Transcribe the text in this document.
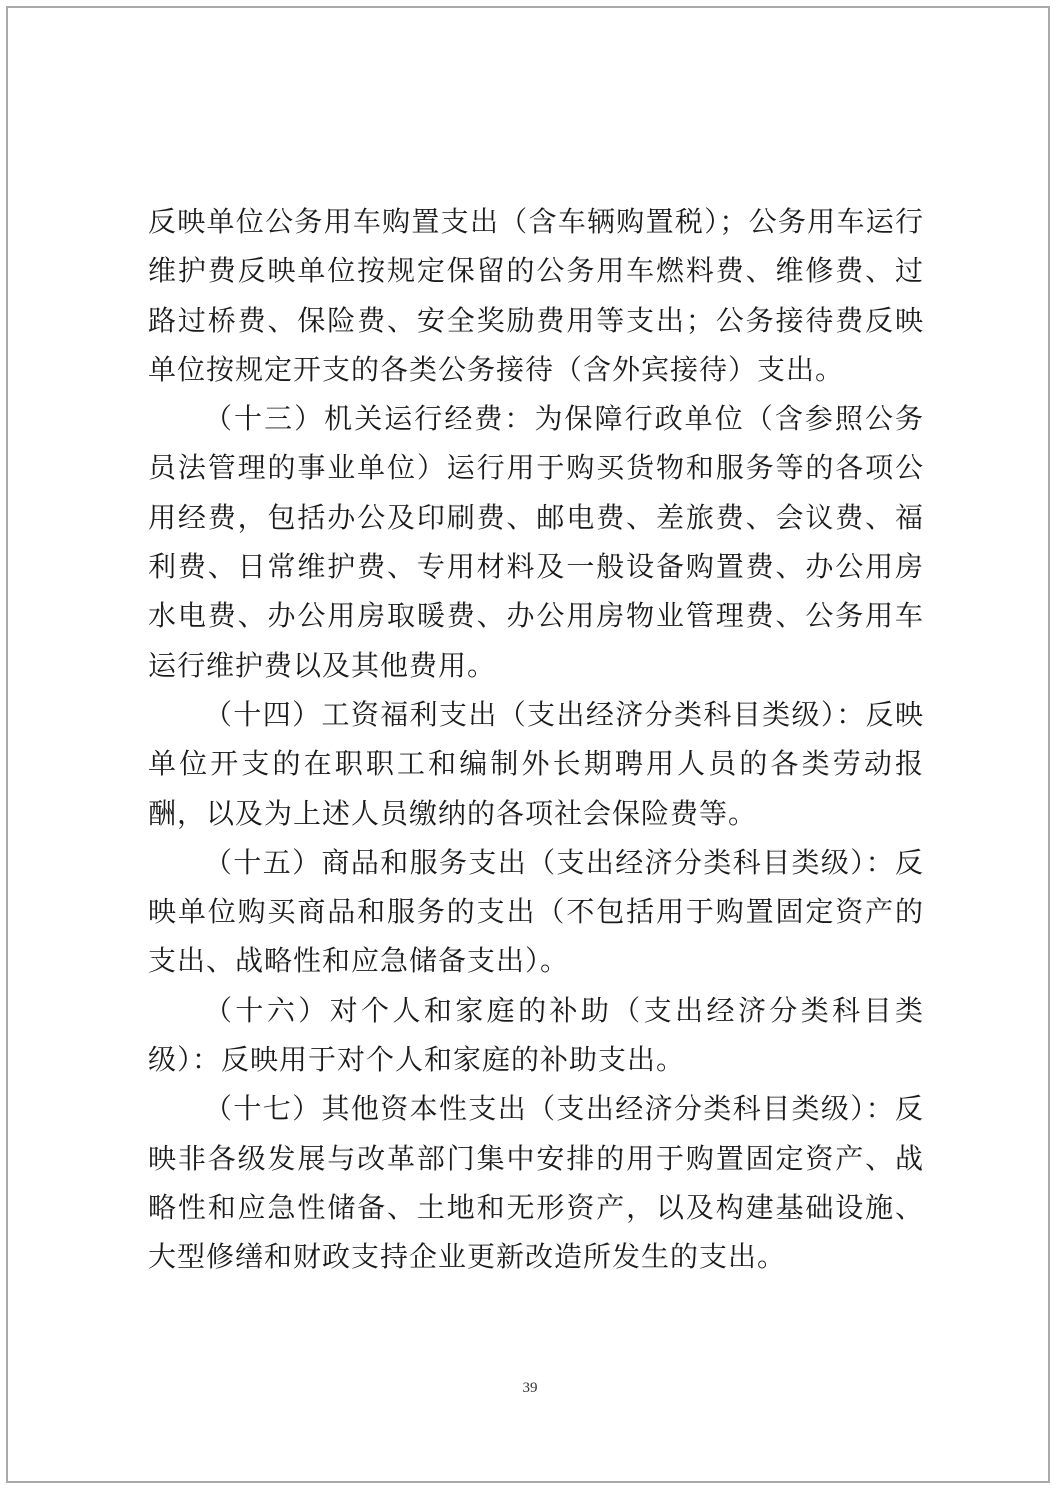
反映单位公务用车购置支出（含车辆购置税）；公务用车运行维护费反映单位按规定保留的公务用车燃料费、维修费、过路过桥费、保险费、安全奖励费用等支出；公务接待费反映单位按规定开支的各类公务接待（含外宾接待）支出。

（十三）机关运行经费：为保障行政单位（含参照公务员法管理的事业单位）运行用于购买货物和服务等的各项公用经费，包括办公及印刷费、邮电费、差旅费、会议费、福利费、日常维护费、专用材料及一般设备购置费、办公用房水电费、办公用房取暖费、办公用房物业管理费、公务用车运行维护费以及其他费用。

（十四）工资福利支出（支出经济分类科目类级）：反映单位开支的在职职工和编制外长期聘用人员的各类劳动报酬，以及为上述人员缴纳的各项社会保险费等。

（十五）商品和服务支出（支出经济分类科目类级）：反映单位购买商品和服务的支出（不包括用于购置固定资产的支出、战略性和应急储备支出）。

（十六）对个人和家庭的补助（支出经济分类科目类级）：反映用于对个人和家庭的补助支出。

（十七）其他资本性支出（支出经济分类科目类级）：反映非各级发展与改革部门集中安排的用于购置固定资产、战略性和应急性储备、土地和无形资产，以及构建基础设施、大型修缮和财政支持企业更新改造所发生的支出。

39
